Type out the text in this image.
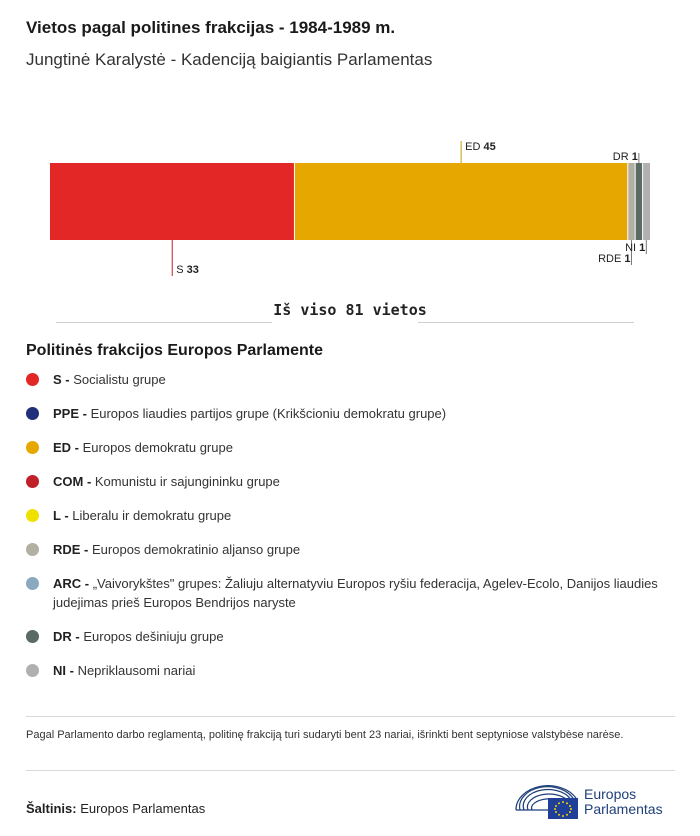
Vietos pagal politines frakcijas - 1984-1989 m.
Jungtinė Karalystė - Kadenciją baigiantis Parlamentas
S 33
ED 45
RDE 1
DR 1
NI 1
Iš viso 81 vietos
Politinės frakcijos Europos Parlamente
S - Socialistu grupe
PPE - Europos liaudies partijos grupe (Krikšcioniu demokratu grupe)
ED - Europos demokratu grupe
COM - Komunistu ir sajungininku grupe
L - Liberalu ir demokratu grupe
RDE - Europos demokratinio aljanso grupe
ARC - „Vaivorykštes" grupes: Žaliuju alternatyviu Europos ryšiu federacija, Agelev-Ecolo, Danijos liaudies judejimas prieš Europos Bendrijos naryste
DR - Europos dešiniuju grupe
NI - Nepriklausomi nariai
Pagal Parlamento darbo reglamentą, politinę frakciją turi sudaryti bent 23 nariai, išrinkti bent septyniose valstybėse narėse.
Šaltinis: Europos Parlamentas
Europos
Parlamentas
